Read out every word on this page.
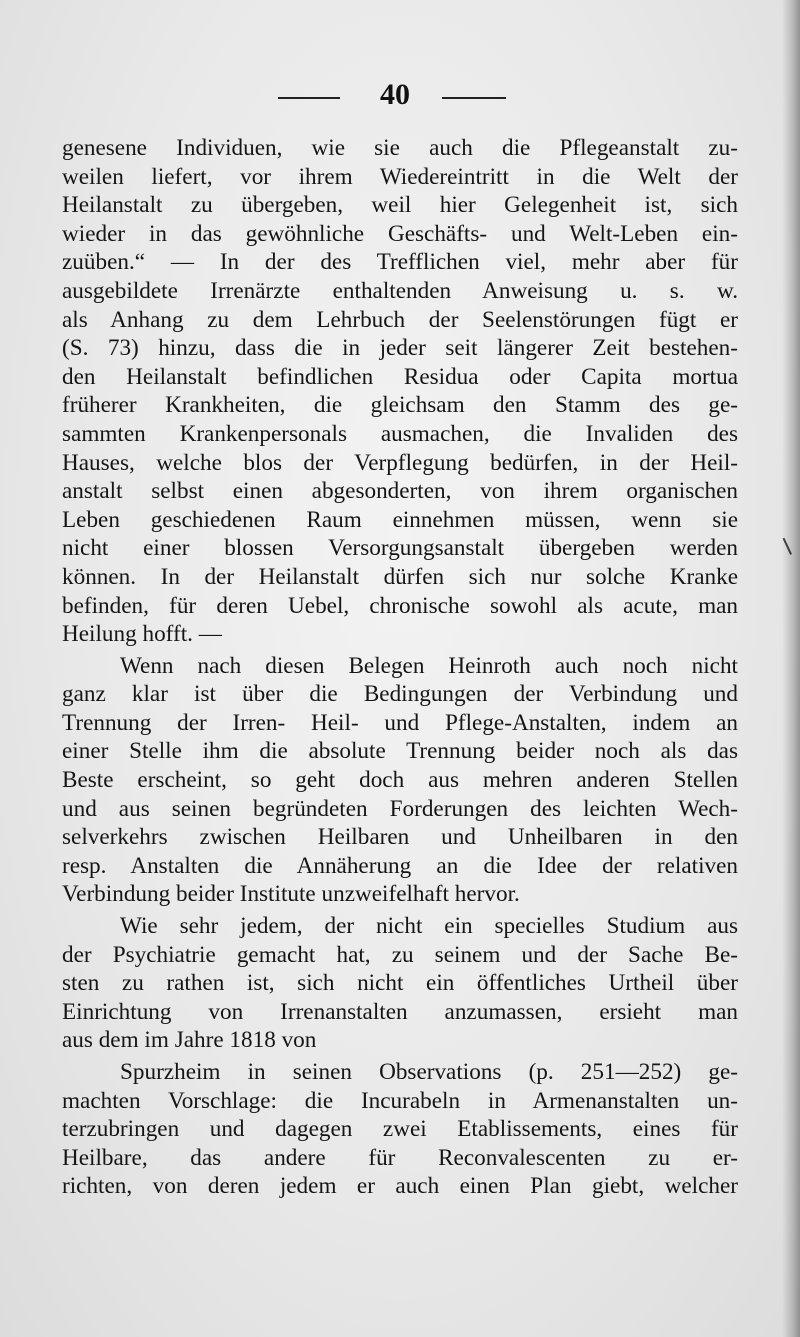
40
genesene Individuen, wie sie auch die Pflegeanstalt zu-
weilen liefert, vor ihrem Wiedereintritt in die Welt der
Heilanstalt zu übergeben, weil hier Gelegenheit ist, sich
wieder in das gewöhnliche Geschäfts- und Welt-Leben ein-
zuüben.“ — In der des Trefflichen viel, mehr aber für
ausgebildete Irrenärzte enthaltenden Anweisung u. s. w.
als Anhang zu dem Lehrbuch der Seelenstörungen fügt er
(S. 73) hinzu, dass die in jeder seit längerer Zeit bestehen-
den Heilanstalt befindlichen Residua oder Capita mortua
früherer Krankheiten, die gleichsam den Stamm des ge-
sammten Krankenpersonals ausmachen, die Invaliden des
Hauses, welche blos der Verpflegung bedürfen, in der Heil-
anstalt selbst einen abgesonderten, von ihrem organischen
Leben geschiedenen Raum einnehmen müssen, wenn sie
nicht einer blossen Versorgungsanstalt übergeben werden
können. In der Heilanstalt dürfen sich nur solche Kranke
befinden, für deren Uebel, chronische sowohl als acute, man
Heilung hofft. —
Wenn nach diesen Belegen Heinroth auch noch nicht
ganz klar ist über die Bedingungen der Verbindung und
Trennung der Irren- Heil- und Pflege-Anstalten, indem an
einer Stelle ihm die absolute Trennung beider noch als das
Beste erscheint, so geht doch aus mehren anderen Stellen
und aus seinen begründeten Forderungen des leichten Wech-
selverkehrs zwischen Heilbaren und Unheilbaren in den
resp. Anstalten die Annäherung an die Idee der relativen
Verbindung beider Institute unzweifelhaft hervor.
Wie sehr jedem, der nicht ein specielles Studium aus
der Psychiatrie gemacht hat, zu seinem und der Sache Be-
sten zu rathen ist, sich nicht ein öffentliches Urtheil über
Einrichtung von Irrenanstalten anzumassen, ersieht man
aus dem im Jahre 1818 von
Spurzheim in seinen Observations (p. 251—252) ge-
machten Vorschlage: die Incurabeln in Armenanstalten un-
terzubringen und dagegen zwei Etablissements, eines für
Heilbare, das andere für Reconvalescenten zu er-
richten, von deren jedem er auch einen Plan giebt, welcher
